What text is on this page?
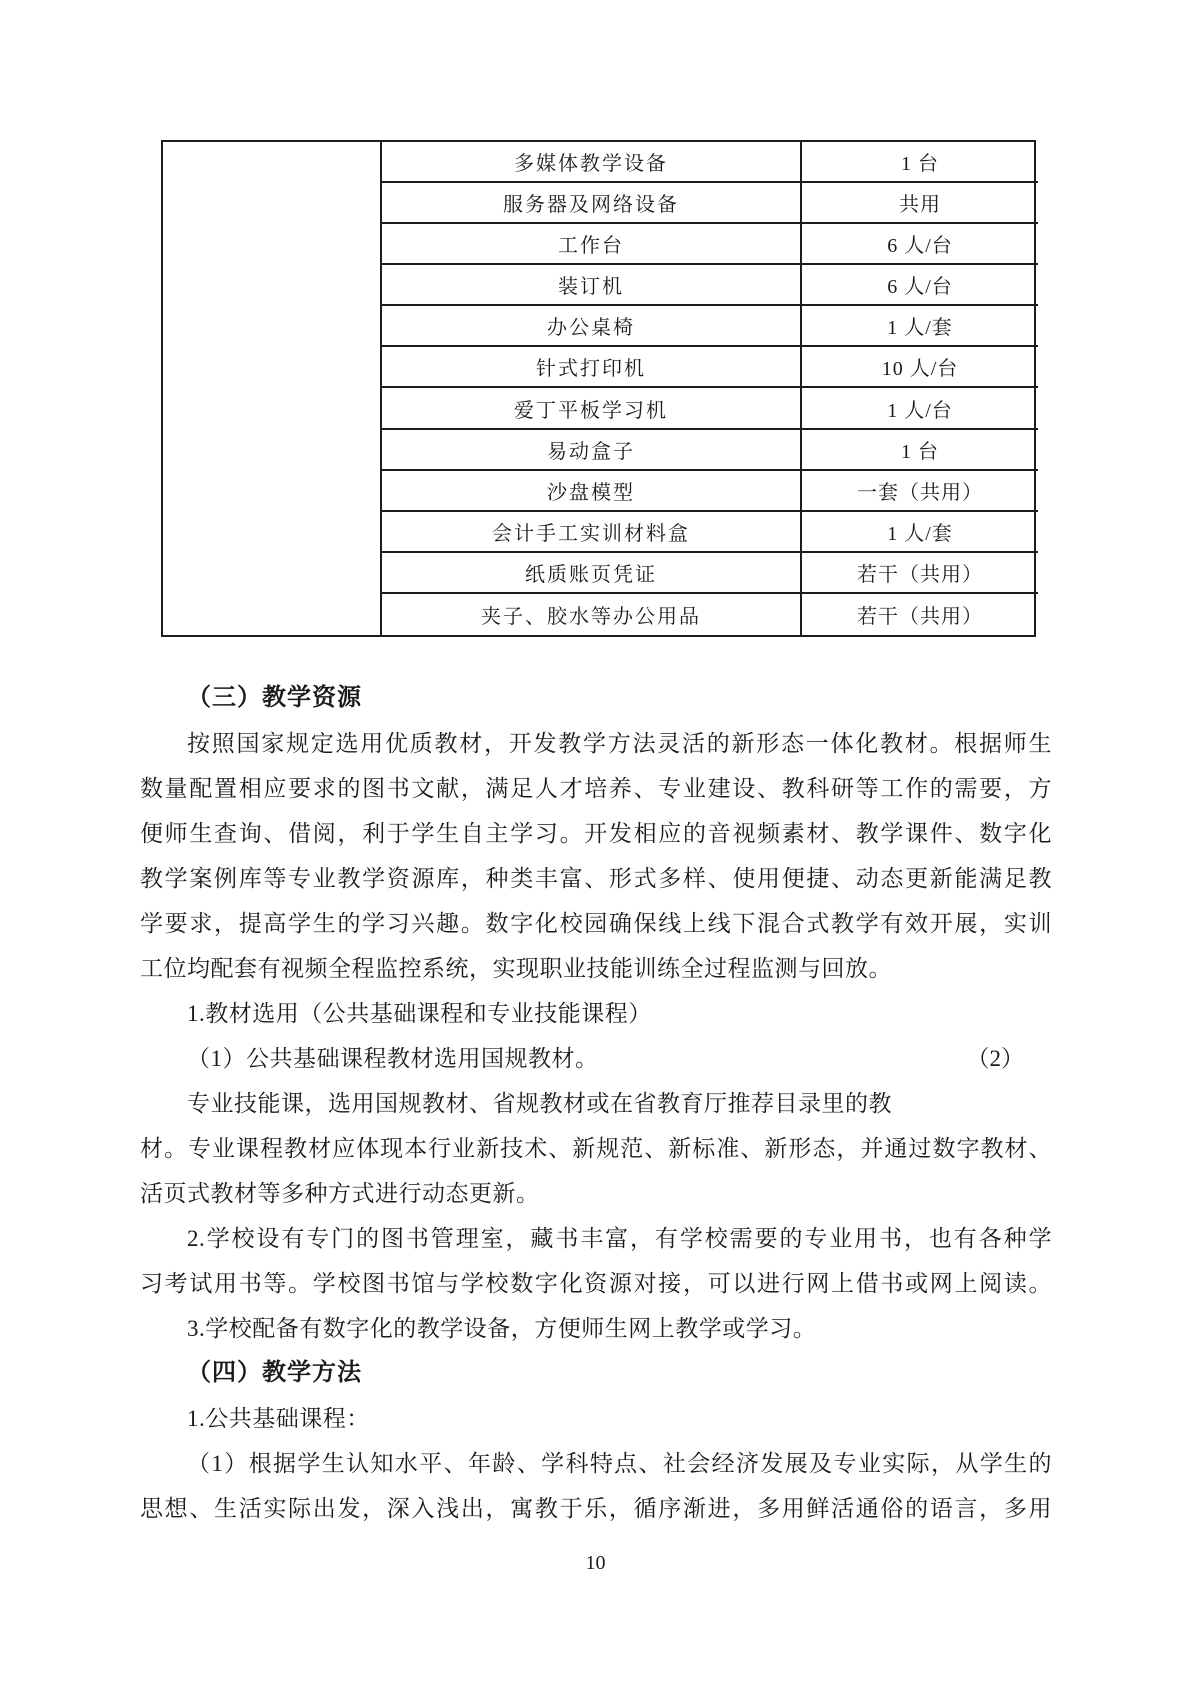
多媒体教学设备	1 台
服务器及网络设备	共用
工作台	6 人/台
装订机	6 人/台
办公桌椅	1 人/套
针式打印机	10 人/台
爱丁平板学习机	1 人/台
易动盒子	1 台
沙盘模型	一套（共用）
会计手工实训材料盒	1 人/套
纸质账页凭证	若干（共用）
夹子、胶水等办公用品	若干（共用）
（三）教学资源
按照国家规定选用优质教材，开发教学方法灵活的新形态一体化教材。根据师生
数量配置相应要求的图书文献，满足人才培养、专业建设、教科研等工作的需要，方
便师生查询、借阅，利于学生自主学习。开发相应的音视频素材、教学课件、数字化
教学案例库等专业教学资源库，种类丰富、形式多样、使用便捷、动态更新能满足教
学要求，提高学生的学习兴趣。数字化校园确保线上线下混合式教学有效开展，实训
工位均配套有视频全程监控系统，实现职业技能训练全过程监测与回放。
1.教材选用（公共基础课程和专业技能课程）
（1）公共基础课程教材选用国规教材。	（2）
专业技能课，选用国规教材、省规教材或在省教育厅推荐目录里的教
材。专业课程教材应体现本行业新技术、新规范、新标准、新形态，并通过数字教材、
活页式教材等多种方式进行动态更新。
2.学校设有专门的图书管理室，藏书丰富，有学校需要的专业用书，也有各种学
习考试用书等。学校图书馆与学校数字化资源对接，可以进行网上借书或网上阅读。
3.学校配备有数字化的教学设备，方便师生网上教学或学习。
（四）教学方法
1.公共基础课程：
（1）根据学生认知水平、年龄、学科特点、社会经济发展及专业实际，从学生的
思想、生活实际出发，深入浅出，寓教于乐，循序渐进，多用鲜活通俗的语言，多用
10
